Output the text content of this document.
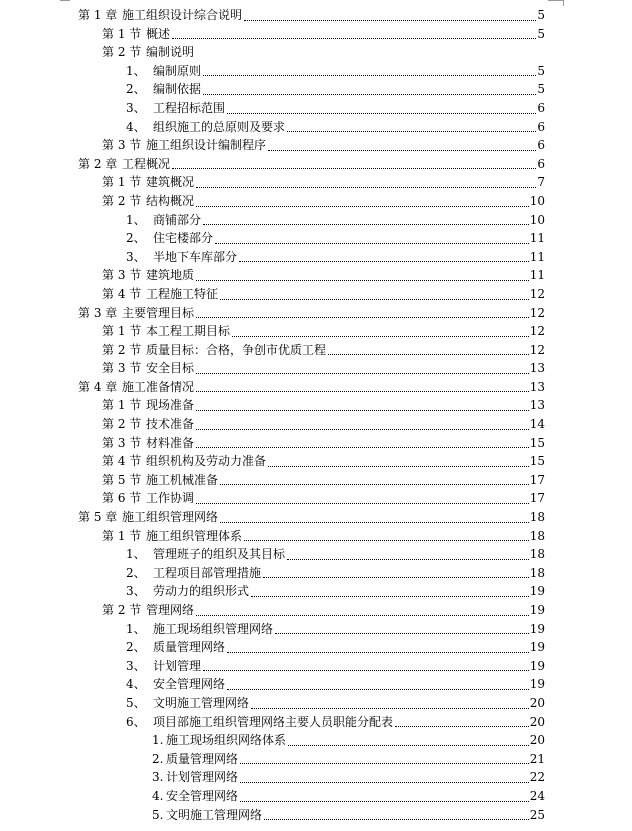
第 1 章 施工组织设计综合说明	5
第 1 节 概述	5
第 2 节 编制说明
1、 编制原则	5
2、 编制依据	5
3、 工程招标范围	6
4、 组织施工的总原则及要求	6
第 3 节 施工组织设计编制程序	6
第 2 章 工程概况	6
第 1 节 建筑概况	7
第 2 节 结构概况	10
1、 商铺部分	10
2、 住宅楼部分	11
3、 半地下车库部分	11
第 3 节 建筑地质	11
第 4 节 工程施工特征	12
第 3 章 主要管理目标	12
第 1 节 本工程工期目标	12
第 2 节 质量目标：合格，争创市优质工程	12
第 3 节 安全目标	13
第 4 章 施工准备情况	13
第 1 节 现场准备	13
第 2 节 技术准备	14
第 3 节 材料准备	15
第 4 节 组织机构及劳动力准备	15
第 5 节 施工机械准备	17
第 6 节 工作协调	17
第 5 章 施工组织管理网络	18
第 1 节 施工组织管理体系	18
1、 管理班子的组织及其目标	18
2、 工程项目部管理措施	18
3、 劳动力的组织形式	19
第 2 节 管理网络	19
1、 施工现场组织管理网络	19
2、 质量管理网络	19
3、 计划管理	19
4、 安全管理网络	19
5、 文明施工管理网络	20
6、 项目部施工组织管理网络主要人员职能分配表	20
1. 施工现场组织网络体系	20
2. 质量管理网络	21
3. 计划管理网络	22
4. 安全管理网络	24
5. 文明施工管理网络	25
